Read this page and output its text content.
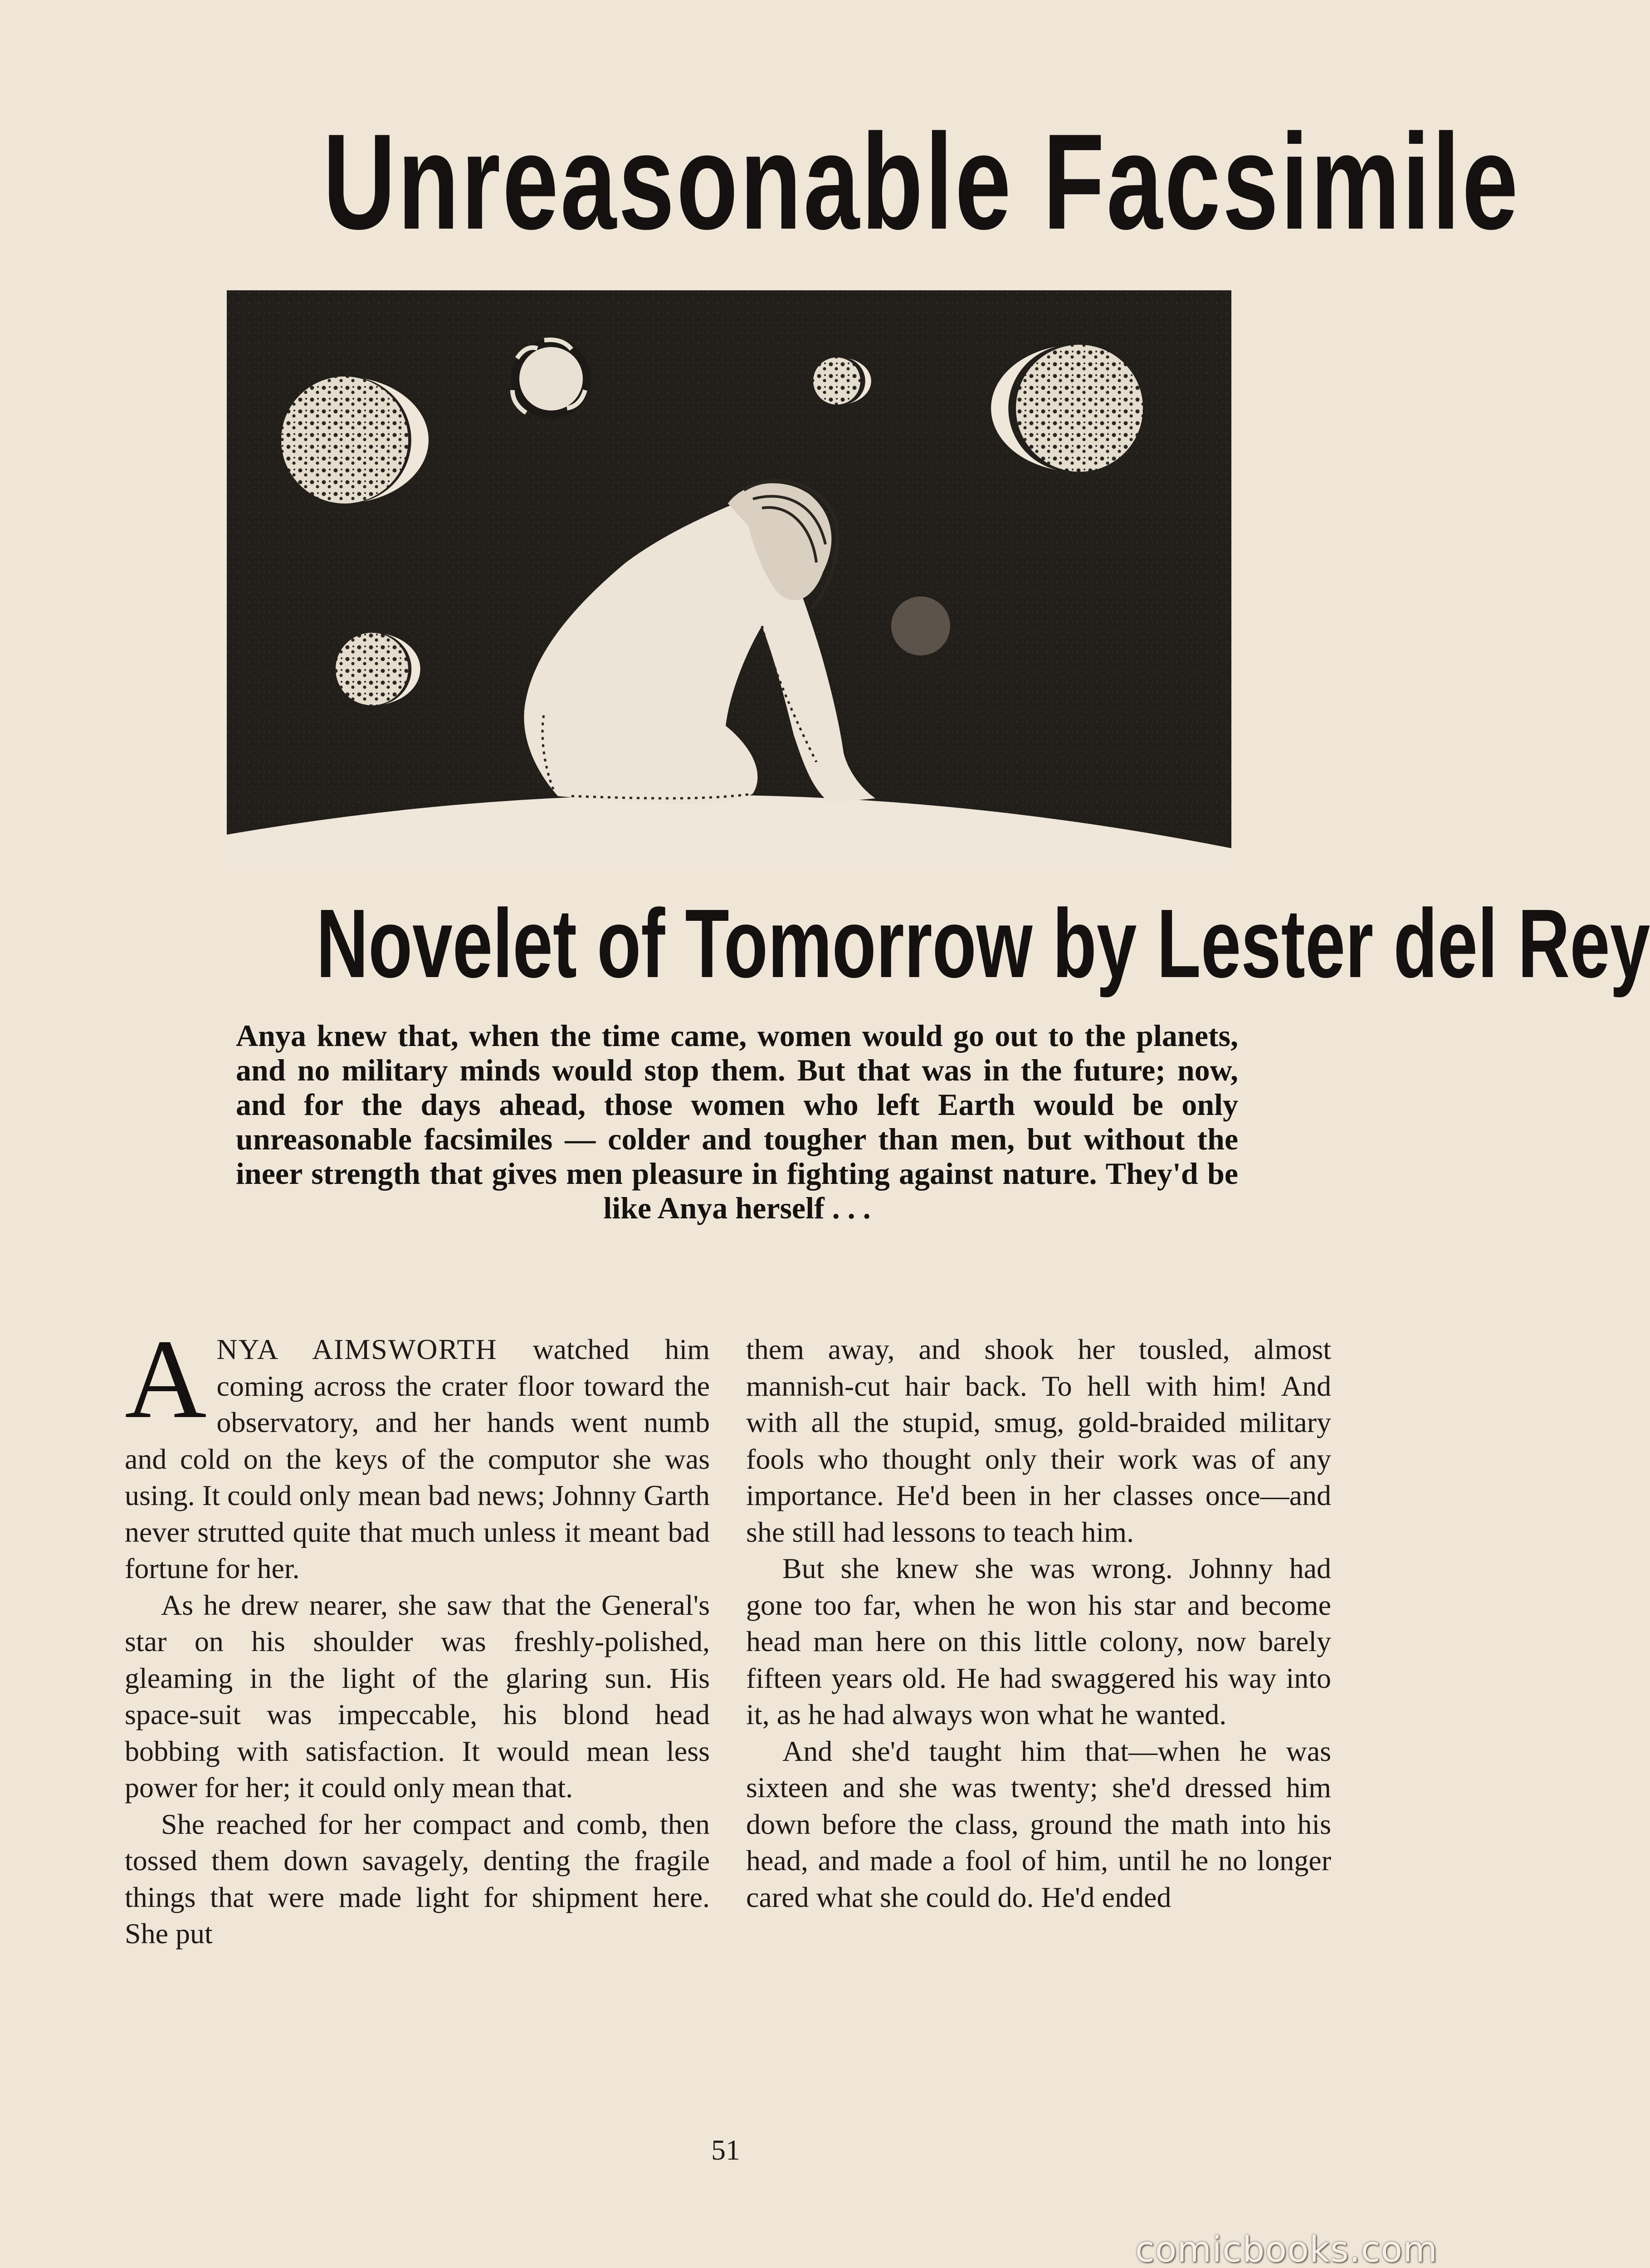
Unreasonable Facsimile
Novelet of Tomorrow by Lester del Rey
Anya knew that, when the time came, women would go out to the planets, and no military minds would stop them. But that was in the future; now, and for the days ahead, those women who left Earth would be only unreasonable facsimiles — colder and tougher than men, but without the ineer strength that gives men pleasure in fighting against nature. They'd be like Anya herself . . .

ANYA AIMSWORTH watched him coming across the crater floor toward the observatory, and her hands went numb and cold on the keys of the computor she was using. It could only mean bad news; Johnny Garth never strutted quite that much unless it meant bad fortune for her.

As he drew nearer, she saw that the General's star on his shoulder was freshly-polished, gleaming in the light of the glaring sun. His space-suit was impeccable, his blond head bobbing with satisfaction. It would mean less power for her; it could only mean that.

She reached for her compact and comb, then tossed them down savagely, denting the fragile things that were made light for shipment here. She put

them away, and shook her tousled, almost mannish-cut hair back. To hell with him! And with all the stupid, smug, gold-braided military fools who thought only their work was of any importance. He'd been in her classes once—and she still had lessons to teach him.

But she knew she was wrong. Johnny had gone too far, when he won his star and become head man here on this little colony, now barely fifteen years old. He had swaggered his way into it, as he had always won what he wanted.

And she'd taught him that—when he was sixteen and she was twenty; she'd dressed him down before the class, ground the math into his head, and made a fool of him, until he no longer cared what she could do. He'd ended

51
comicbooks.com
